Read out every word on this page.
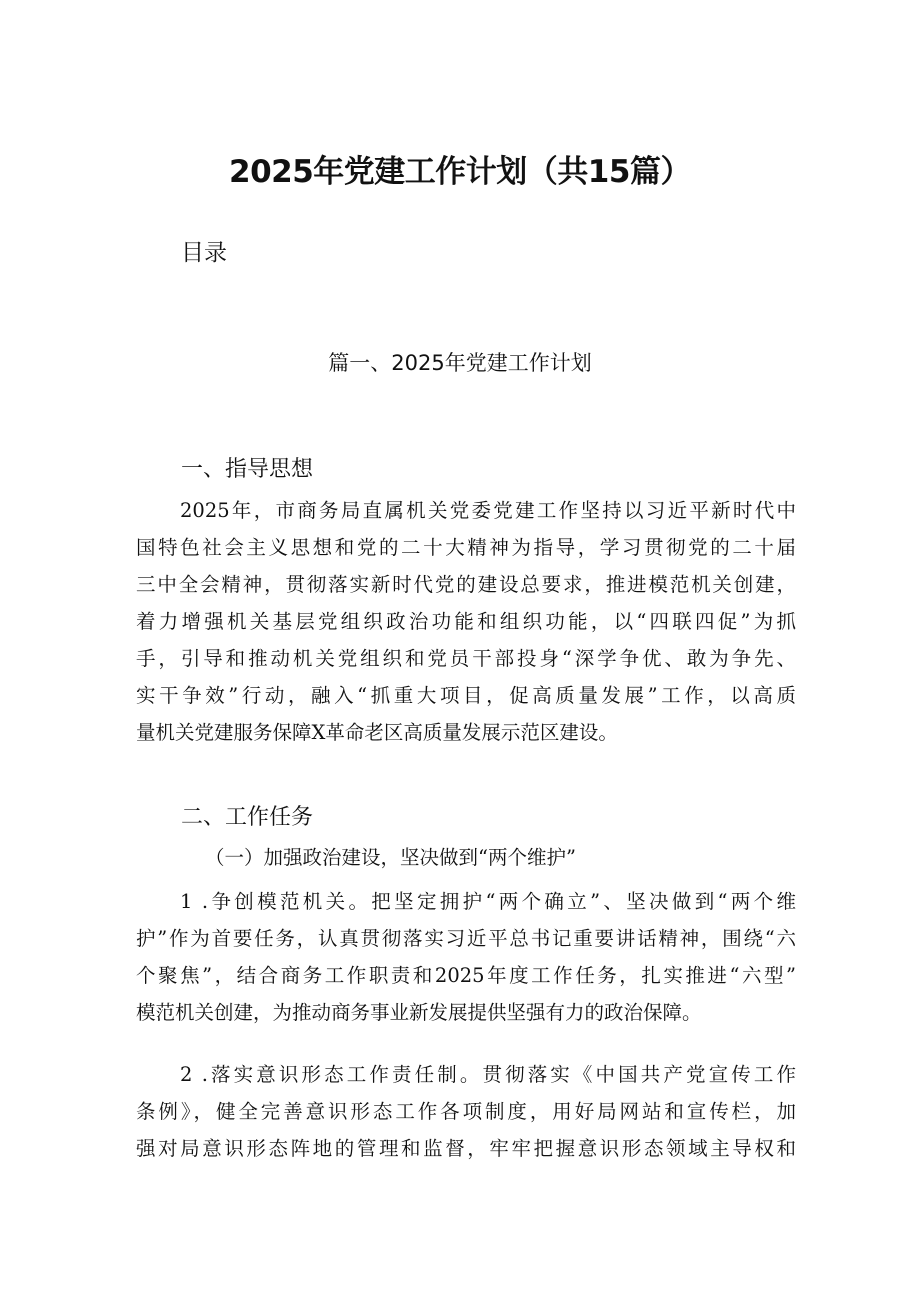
2025年党建工作计划（共15篇）
目录
篇一、2025年党建工作计划
一、指导思想
2025年，市商务局直属机关党委党建工作坚持以习近平新时代中
国特色社会主义思想和党的二十大精神为指导，学习贯彻党的二十届
三中全会精神，贯彻落实新时代党的建设总要求，推进模范机关创建，
着力增强机关基层党组织政治功能和组织功能，以“四联四促”为抓
手，引导和推动机关党组织和党员干部投身“深学争优、敢为争先、
实干争效”行动，融入“抓重大项目，促高质量发展”工作，以高质
量机关党建服务保障X革命老区高质量发展示范区建设。
二、工作任务
（一）加强政治建设，坚决做到“两个维护”
1 .争创模范机关。把坚定拥护“两个确立”、坚决做到“两个维
护”作为首要任务，认真贯彻落实习近平总书记重要讲话精神，围绕“六
个聚焦”，结合商务工作职责和2025年度工作任务，扎实推进“六型”
模范机关创建，为推动商务事业新发展提供坚强有力的政治保障。
2 .落实意识形态工作责任制。贯彻落实《中国共产党宣传工作
条例》，健全完善意识形态工作各项制度，用好局网站和宣传栏，加
强对局意识形态阵地的管理和监督，牢牢把握意识形态领域主导权和
